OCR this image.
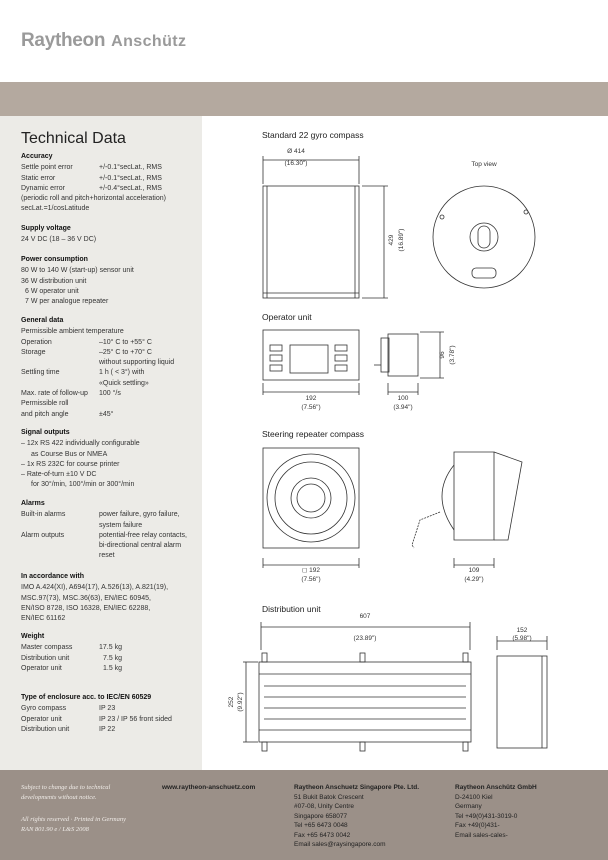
Raytheon Anschütz
Technical Data
Accuracy
Settle point error	+/-0.1°secLat., RMS
Static error	+/-0.1°secLat., RMS
Dynamic error	+/-0.4°secLat., RMS
(periodic roll and pitch+horizontal acceleration)
secLat.=1/cosLatitude
Supply voltage
24 V DC (18 – 36 V DC)
Power consumption
80 W to 140 W (start-up) sensor unit
36 W distribution unit
6 W operator unit
7 W per analogue repeater
General data
Permissible ambient temperature
Operation	–10° C to +55° C
Storage	–25° C to +70° C
without supporting liquid
Settling time	1 h ( < 3°) with
«Quick settling»
Max. rate of follow-up	100 °/s
Permissible roll
and pitch angle	±45°
Signal outputs
– 12x RS 422 individually configurable
as Course Bus or NMEA
– 1x RS 232C for course printer
– Rate-of-turn ±10 V DC
for 30°/min, 100°/min or 300°/min
Alarms
Built-in alarms	power failure, gyro failure,
system failure
Alarm outputs	potential-free relay contacts,
bi-directional central alarm
reset
In accordance with
IMO A.424(XI), A694(17), A.526(13), A.821(19),
MSC.97(73), MSC.36(63), EN/IEC 60945,
EN/ISO 8728, ISO 16328, EN/IEC 62288,
EN/IEC 61162
Weight
Master compass	17.5 kg
Distribution unit	7.5 kg
Operator unit	1.5 kg
Type of enclosure acc. to IEC/EN 60529
Gyro compass	IP 23
Operator unit	IP 23 / IP 56 front sided
Distribution unit	IP 22
Standard 22 gyro compass
Operator unit
Steering repeater compass
Distribution unit
Ø 414
(16.30")	Top view
429 (16.89")
192
(7.56")
100
(3.94")
96 (3.78")
◻ 192
(7.56")
109
(4.29")
607
(23.89")
152
(5.98")
252 (9.92")
Subject to change due to technical
developments without notice.
All rights reserved · Printed in Germany
RAN 801.90 e / L&S 2008
www.raytheon-anschuetz.com	Raytheon Anschuetz Singapore Pte. Ltd.
51 Bukit Batok Crescent
#07-08, Unity Centre
Singapore 658077
Tel +65 6473 0048
Fax +65 6473 0042
Email sales@raysingapore.com
Raytheon Anschütz GmbH
D-24100 Kiel
Germany
Tel +49(0)431-3019-0
Fax +49(0)431-
Email sales-cales-
